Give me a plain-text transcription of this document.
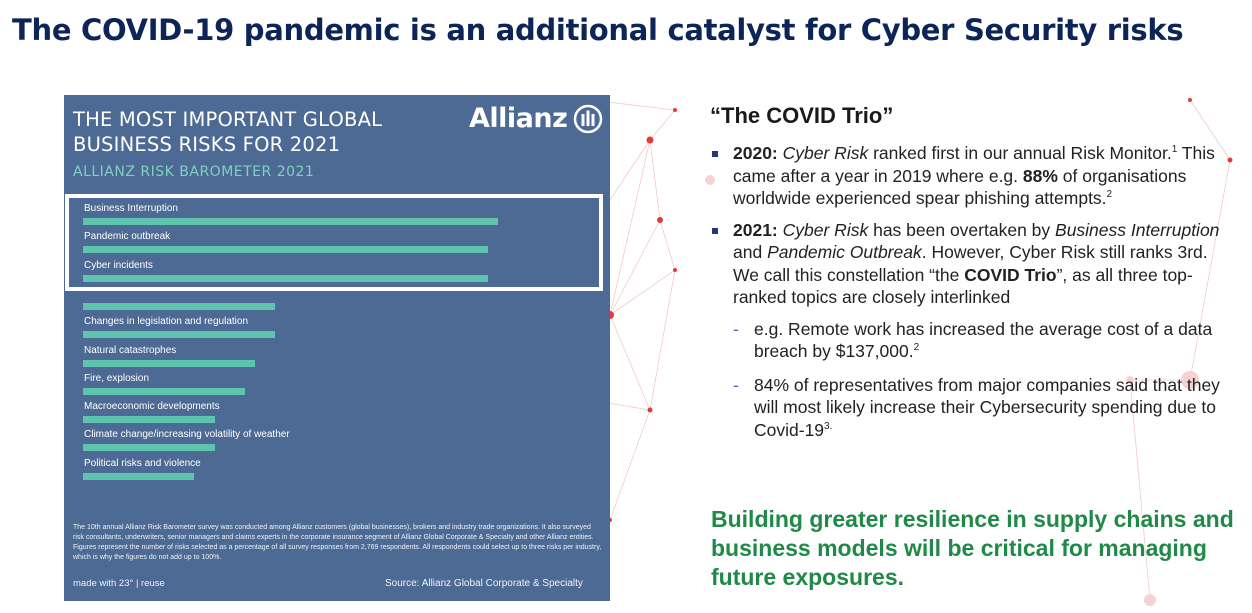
The COVID-19 pandemic is an additional catalyst for Cyber Security risks
THE MOST IMPORTANT GLOBAL
BUSINESS RISKS FOR 2021
ALLIANZ RISK BAROMETER 2021
Allianz
Business Interruption
Pandemic outbreak
Cyber incidents
Changes in legislation and regulation
Natural catastrophes
Fire, explosion
Macroeconomic developments
Climate change/increasing volatility of weather
Political risks and violence
The 10th annual Allianz Risk Barometer survey was conducted among Allianz customers (global businesses), brokers and industry trade organizations. It also surveyed risk consultants, underwriters, senior managers and claims experts in the corporate insurance segment of Allianz Global Corporate & Specialty and other Allianz entities. Figures represent the number of risks selected as a percentage of all survey responses from 2,769 respondents. All respondents could select up to three risks per industry, which is why the figures do not add up to 100%.
made with 23° | reuse	Source: Allianz Global Corporate & Specialty
“The COVID Trio”
2020: Cyber Risk ranked first in our annual Risk Monitor.$^1$ This came after a year in 2019 where e.g. 88% of organisations worldwide experienced spear phishing attempts.$^2$
2021: Cyber Risk has been overtaken by Business Interruption and Pandemic Outbreak. However, Cyber Risk still ranks 3rd. We call this constellation “the COVID Trio”, as all three top-ranked topics are closely interlinked
- e.g. Remote work has increased the average cost of a data breach by $137,000.$^2$
- 84% of representatives from major companies said that they will most likely increase their Cybersecurity spending due to Covid-$19^{3.}$
Building greater resilience in supply chains and business models will be critical for managing future exposures.
